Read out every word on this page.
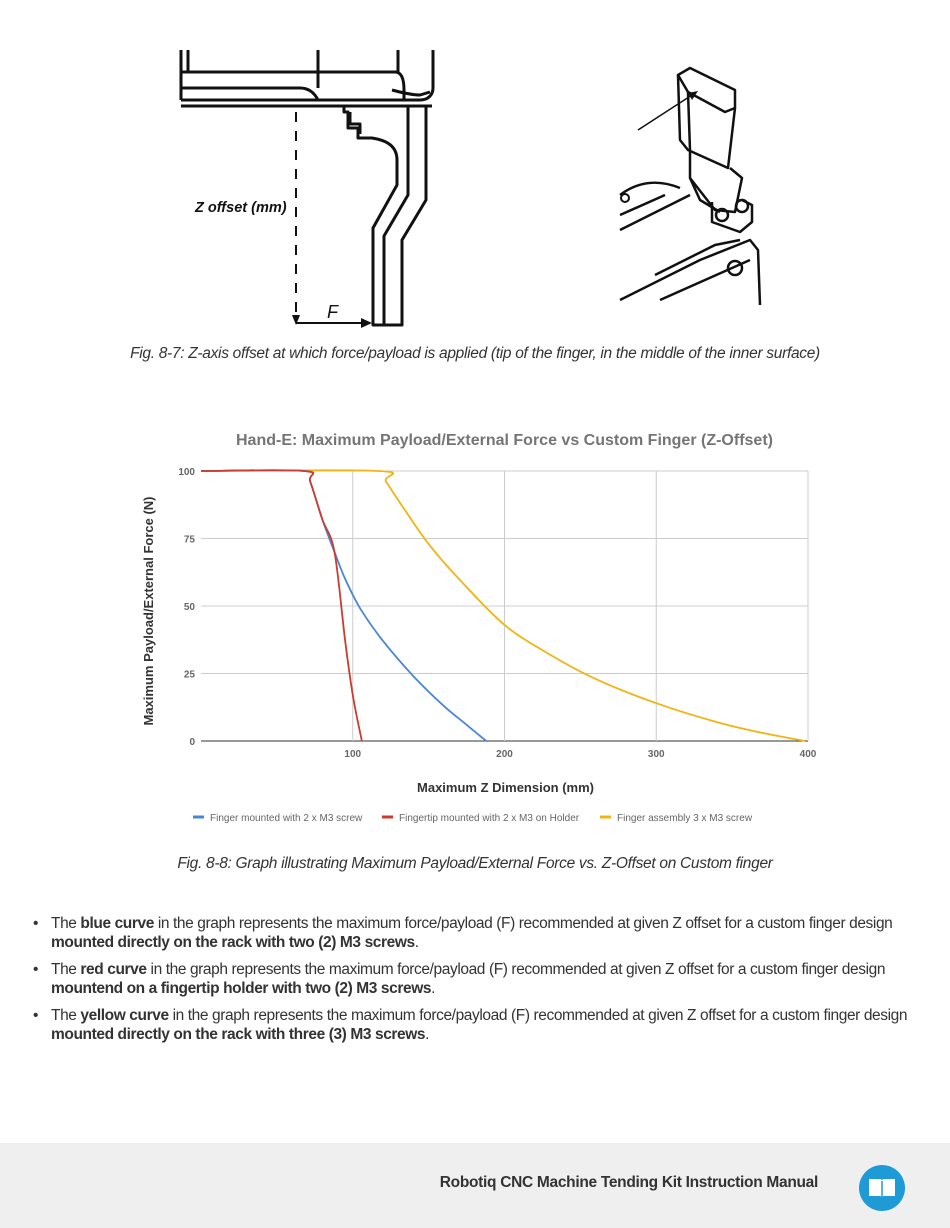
Z offset (mm)
F
Fig. 8-7: Z-axis offset at which force/payload is applied (tip of the finger, in the middle of the inner surface)
Hand-E: Maximum Payload/External Force vs Custom Finger (Z-Offset)
0
25
50
75
100
100	200	300	400
Maximum Z Dimension (mm)
Maximum Payload/External Force (N)
Finger mounted with 2 x M3 screw	Fingertip mounted with 2 x M3 on Holder	Finger assembly 3 x M3 screw
Fig. 8-8: Graph illustrating Maximum Payload/External Force vs. Z-Offset on Custom finger
• The blue curve in the graph represents the maximum force/payload (F) recommended at given Z offset for a custom finger design mounted directly on the rack with two (2) M3 screws.
• The red curve in the graph represents the maximum force/payload (F) recommended at given Z offset for a custom finger design mountend on a fingertip holder with two (2) M3 screws.
• The yellow curve in the graph represents the maximum force/payload (F) recommended at given Z offset for a custom finger design mounted directly on the rack with three (3) M3 screws.
Robotiq CNC Machine Tending Kit Instruction Manual
